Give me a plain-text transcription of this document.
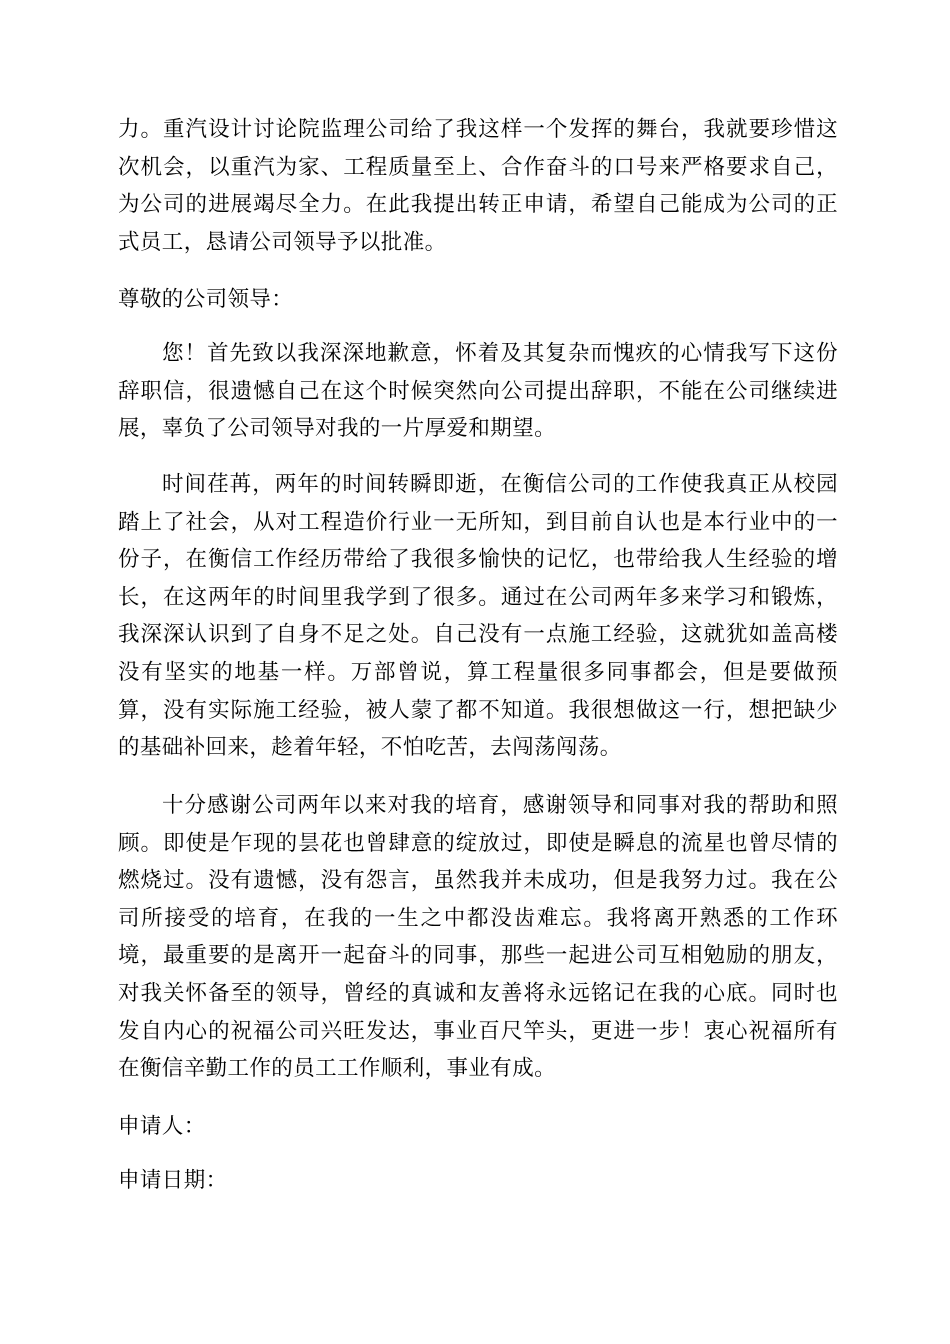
力。重汽设计讨论院监理公司给了我这样一个发挥的舞台，我就要珍惜这次机会，以重汽为家、工程质量至上、合作奋斗的口号来严格要求自己，为公司的进展竭尽全力。在此我提出转正申请，希望自己能成为公司的正式员工，恳请公司领导予以批准。

尊敬的公司领导：

您！首先致以我深深地歉意，怀着及其复杂而愧疚的心情我写下这份辞职信，很遗憾自己在这个时候突然向公司提出辞职，不能在公司继续进展，辜负了公司领导对我的一片厚爱和期望。

时间荏苒，两年的时间转瞬即逝，在衡信公司的工作使我真正从校园踏上了社会，从对工程造价行业一无所知，到目前自认也是本行业中的一份子，在衡信工作经历带给了我很多愉快的记忆，也带给我人生经验的增长，在这两年的时间里我学到了很多。通过在公司两年多来学习和锻炼，我深深认识到了自身不足之处。自己没有一点施工经验，这就犹如盖高楼没有坚实的地基一样。万部曾说，算工程量很多同事都会，但是要做预算，没有实际施工经验，被人蒙了都不知道。我很想做这一行，想把缺少的基础补回来，趁着年轻，不怕吃苦，去闯荡闯荡。

十分感谢公司两年以来对我的培育，感谢领导和同事对我的帮助和照顾。即使是乍现的昙花也曾肆意的绽放过，即使是瞬息的流星也曾尽情的燃烧过。没有遗憾，没有怨言，虽然我并未成功，但是我努力过。我在公司所接受的培育，在我的一生之中都没齿难忘。我将离开熟悉的工作环境，最重要的是离开一起奋斗的同事，那些一起进公司互相勉励的朋友，对我关怀备至的领导，曾经的真诚和友善将永远铭记在我的心底。同时也发自内心的祝福公司兴旺发达，事业百尺竿头，更进一步！衷心祝福所有在衡信辛勤工作的员工工作顺利，事业有成。

申请人：

申请日期：
